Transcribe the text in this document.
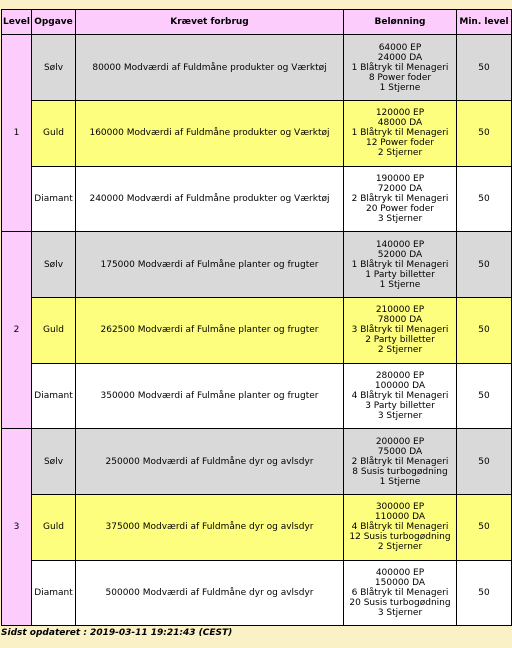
Level	Opgave	Krævet forbrug	Belønning	Min. level
1	Sølv	80000 Modværdi af Fuldmåne produkter og Værktøj	64000 EP
24000 DA
1 Blåtryk til Menageri
8 Power foder
1 Stjerne	50
	Guld	160000 Modværdi af Fuldmåne produkter og Værktøj	120000 EP
48000 DA
1 Blåtryk til Menageri
12 Power foder
2 Stjerner	50
	Diamant	240000 Modværdi af Fuldmåne produkter og Værktøj	190000 EP
72000 DA
2 Blåtryk til Menageri
20 Power foder
3 Stjerner	50
2	Sølv	175000 Modværdi af Fulmåne planter og frugter	140000 EP
52000 DA
1 Blåtryk til Menageri
1 Party billetter
1 Stjerne	50
	Guld	262500 Modværdi af Fulmåne planter og frugter	210000 EP
78000 DA
3 Blåtryk til Menageri
2 Party billetter
2 Stjerner	50
	Diamant	350000 Modværdi af Fulmåne planter og frugter	280000 EP
100000 DA
4 Blåtryk til Menageri
3 Party billetter
3 Stjerner	50
3	Sølv	250000 Modværdi af Fuldmåne dyr og avlsdyr	200000 EP
75000 DA
2 Blåtryk til Menageri
8 Susis turbogødning
1 Stjerne	50
	Guld	375000 Modværdi af Fuldmåne dyr og avlsdyr	300000 EP
110000 DA
4 Blåtryk til Menageri
12 Susis turbogødning
2 Stjerner	50
	Diamant	500000 Modværdi af Fuldmåne dyr og avlsdyr	400000 EP
150000 DA
6 Blåtryk til Menageri
20 Susis turbogødning
3 Stjerner	50
Sidst opdateret : 2019-03-11 19:21:43 (CEST)
